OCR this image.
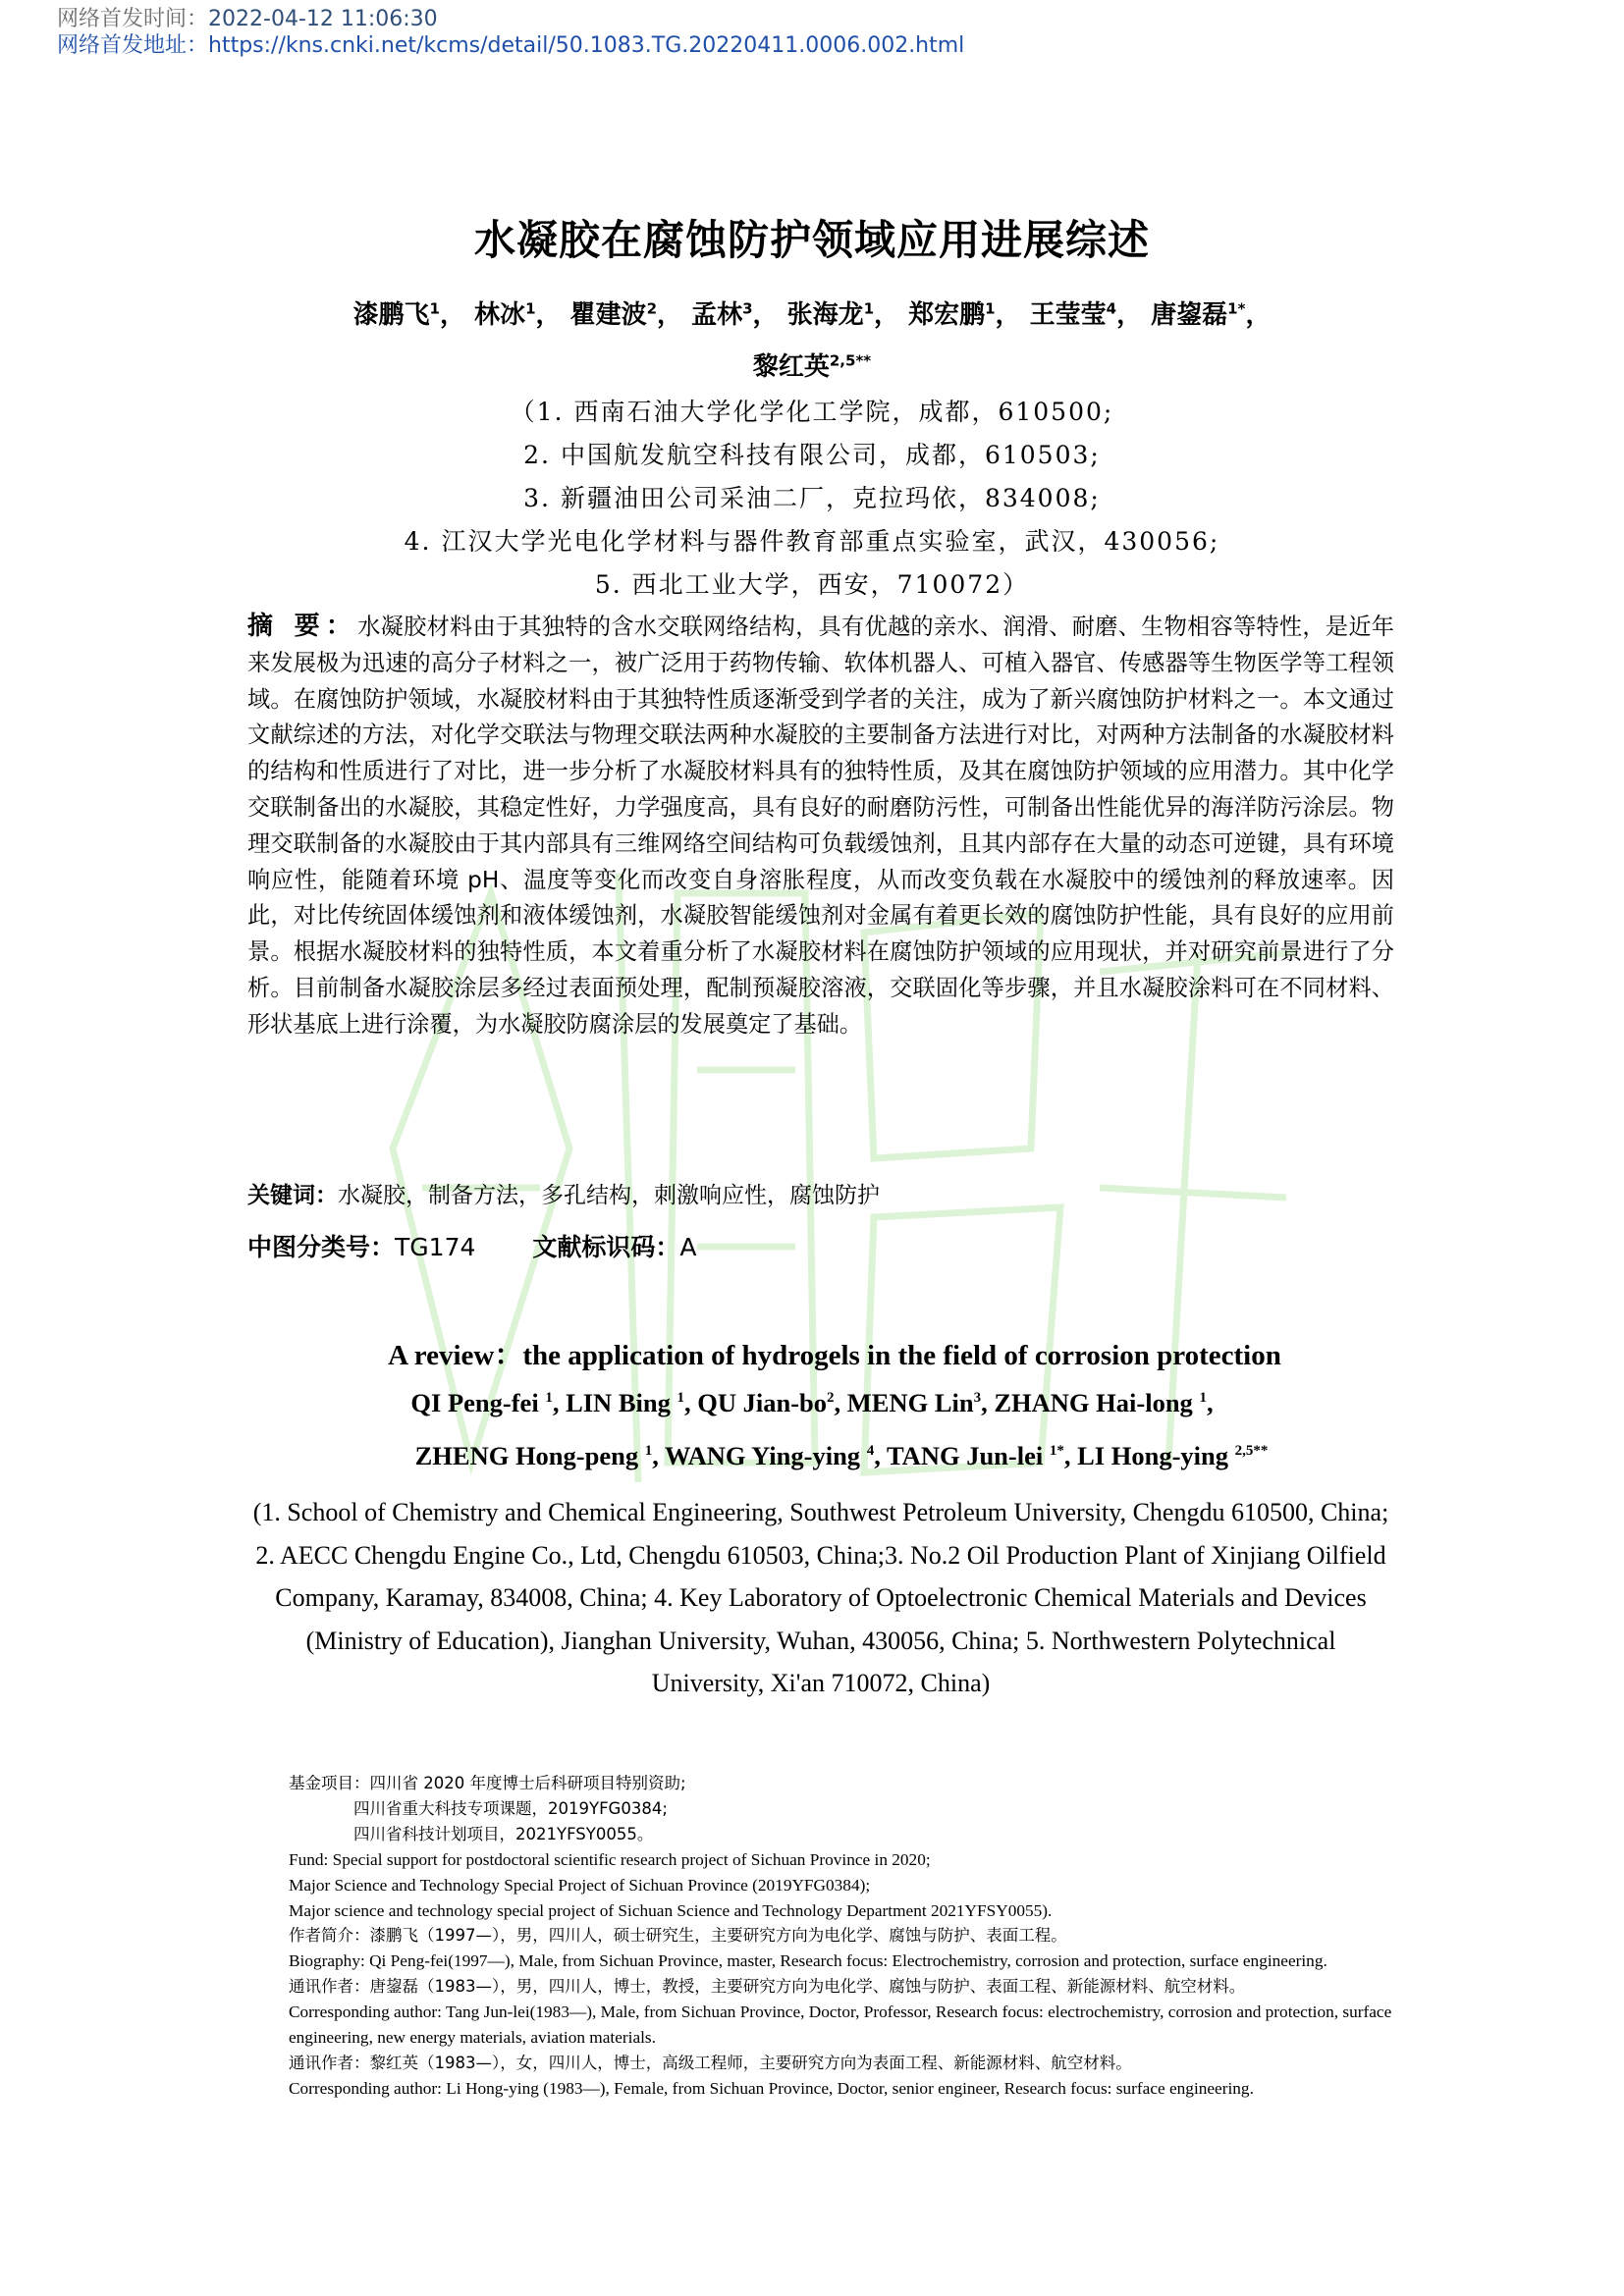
网络首发时间：2022-04-12 11:06:30
网络首发地址：https://kns.cnki.net/kcms/detail/50.1083.TG.20220411.0006.002.html
水凝胶在腐蚀防护领域应用进展综述
漆鹏飞$^1$， 林冰$^1$， 瞿建波$^2$， 孟林$^3$， 张海龙$^1$， 郑宏鹏$^1$， 王莹莹$^4$， 唐鋆磊$^{1*}$，
黎红英$^{2,5**}$
（1. 西南石油大学化学化工学院，成都，610500;
2. 中国航发航空科技有限公司，成都，610503;
3. 新疆油田公司采油二厂，克拉玛依，834008;
4. 江汉大学光电化学材料与器件教育部重点实验室，武汉，430056;
5. 西北工业大学，西安，710072）
摘 要：水凝胶材料由于其独特的含水交联网络结构，具有优越的亲水、润滑、耐磨、生物相容等特性，是近年来发展极为迅速的高分子材料之一，被广泛用于药物传输、软体机器人、可植入器官、传感器等生物医学等工程领域。在腐蚀防护领域，水凝胶材料由于其独特性质逐渐受到学者的关注，成为了新兴腐蚀防护材料之一。本文通过文献综述的方法，对化学交联法与物理交联法两种水凝胶的主要制备方法进行对比，对两种方法制备的水凝胶材料的结构和性质进行了对比，进一步分析了水凝胶材料具有的独特性质，及其在腐蚀防护领域的应用潜力。其中化学交联制备出的水凝胶，其稳定性好，力学强度高，具有良好的耐磨防污性，可制备出性能优异的海洋防污涂层。物理交联制备的水凝胶由于其内部具有三维网络空间结构可负载缓蚀剂，且其内部存在大量的动态可逆键，具有环境响应性，能随着环境 pH、温度等变化而改变自身溶胀程度，从而改变负载在水凝胶中的缓蚀剂的释放速率。因此，对比传统固体缓蚀剂和液体缓蚀剂，水凝胶智能缓蚀剂对金属有着更长效的腐蚀防护性能，具有良好的应用前景。根据水凝胶材料的独特性质，本文着重分析了水凝胶材料在腐蚀防护领域的应用现状，并对研究前景进行了分析。目前制备水凝胶涂层多经过表面预处理，配制预凝胶溶液，交联固化等步骤，并且水凝胶涂料可在不同材料、形状基底上进行涂覆，为水凝胶防腐涂层的发展奠定了基础。
关键词：水凝胶，制备方法，多孔结构，刺激响应性，腐蚀防护
中图分类号：TG174 文献标识码：A
A review：the application of hydrogels in the field of corrosion protection
QI Peng-fei $^1$, LIN Bing $^1$, QU Jian-$bo^2$, MENG Lin$^3$, ZHANG Hai-long $^1$,
ZHENG Hong-peng $^1$, WANG Ying-ying $^4$, TANG Jun-lei $^{1*}$, LI Hong-ying $^{2,5**}$
(1. School of Chemistry and Chemical Engineering, Southwest Petroleum University, Chengdu 610500, China; 2. AECC Chengdu Engine Co., Ltd, Chengdu 610503, China;3. No.2 Oil Production Plant of Xinjiang Oilfield Company, Karamay, 834008, China; 4. Key Laboratory of Optoelectronic Chemical Materials and Devices (Ministry of Education), Jianghan University, Wuhan, 430056, China; 5. Northwestern Polytechnical University, Xi'an 710072, China)

基金项目：四川省 2020 年度博士后科研项目特别资助;

四川省重大科技专项课题，2019YFG0384;

四川省科技计划项目，2021YFSY0055。

Fund: Special support for postdoctoral scientific research project of Sichuan Province in 2020;

Major Science and Technology Special Project of Sichuan Province (2019YFG0384);

Major science and technology special project of Sichuan Science and Technology Department 2021YFSY0055).

作者简介：漆鹏飞（1997—），男，四川人，硕士研究生，主要研究方向为电化学、腐蚀与防护、表面工程。

Biography: Qi Peng-fei(1997—), Male, from Sichuan Province, master, Research focus: Electrochemistry, corrosion and protection, surface engineering.

通讯作者：唐鋆磊（1983—），男，四川人，博士，教授，主要研究方向为电化学、腐蚀与防护、表面工程、新能源材料、航空材料。

Corresponding author: Tang Jun-lei(1983—), Male, from Sichuan Province, Doctor, Professor, Research focus: electrochemistry, corrosion and protection, surface engineering, new energy materials, aviation materials.

通讯作者：黎红英（1983—），女，四川人，博士，高级工程师，主要研究方向为表面工程、新能源材料、航空材料。

Corresponding author: Li Hong-ying (1983—), Female, from Sichuan Province, Doctor, senior engineer, Research focus: surface engineering.
